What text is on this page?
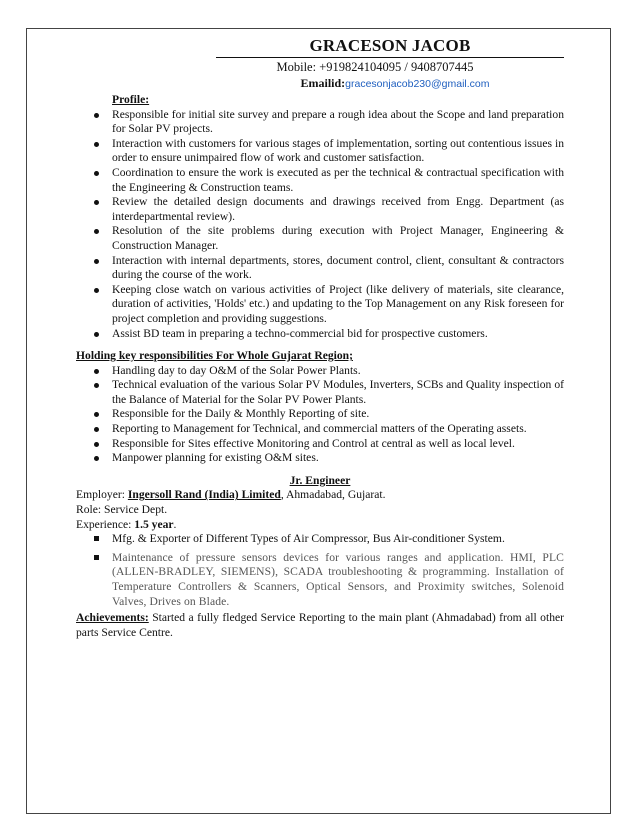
GRACESON JACOB
Mobile: +919824104095 / 9408707445
Emailid:gracesonjacob230@gmail.com
Profile:
Responsible for initial site survey and prepare a rough idea about the Scope and land preparation for Solar PV projects.
Interaction with customers for various stages of implementation, sorting out contentious issues in order to ensure unimpaired flow of work and customer satisfaction.
Coordination to ensure the work is executed as per the technical & contractual specification with the Engineering & Construction teams.
Review the detailed design documents and drawings received from Engg. Department (as interdepartmental review).
Resolution of the site problems during execution with Project Manager, Engineering & Construction Manager.
Interaction with internal departments, stores, document control, client, consultant & contractors during the course of the work.
Keeping close watch on various activities of Project (like delivery of materials, site clearance, duration of activities, 'Holds' etc.) and updating to the Top Management on any Risk foreseen for project completion and providing suggestions.
Assist BD team in preparing a techno-commercial bid for prospective customers.
Holding key responsibilities For Whole Gujarat Region;
Handling day to day O&M of the Solar Power Plants.
Technical evaluation of the various Solar PV Modules, Inverters, SCBs and Quality inspection of the Balance of Material for the Solar PV Power Plants.
Responsible for the Daily & Monthly Reporting of site.
Reporting to Management for Technical, and commercial matters of the Operating assets.
Responsible for Sites effective Monitoring and Control at central as well as local level.
Manpower planning for existing O&M sites.
Jr. Engineer
Employer: Ingersoll Rand (India) Limited, Ahmadabad, Gujarat.
Role: Service Dept.
Experience: 1.5 year.
Mfg. & Exporter of Different Types of Air Compressor, Bus Air-conditioner System.
Maintenance of pressure sensors devices for various ranges and application. HMI, PLC (ALLEN-BRADLEY, SIEMENS), SCADA troubleshooting & programming. Installation of Temperature Controllers & Scanners, Optical Sensors, and Proximity switches, Solenoid Valves, Drives on Blade.
Achievements: Started a fully fledged Service Reporting to the main plant (Ahmadabad) from all other parts Service Centre.
